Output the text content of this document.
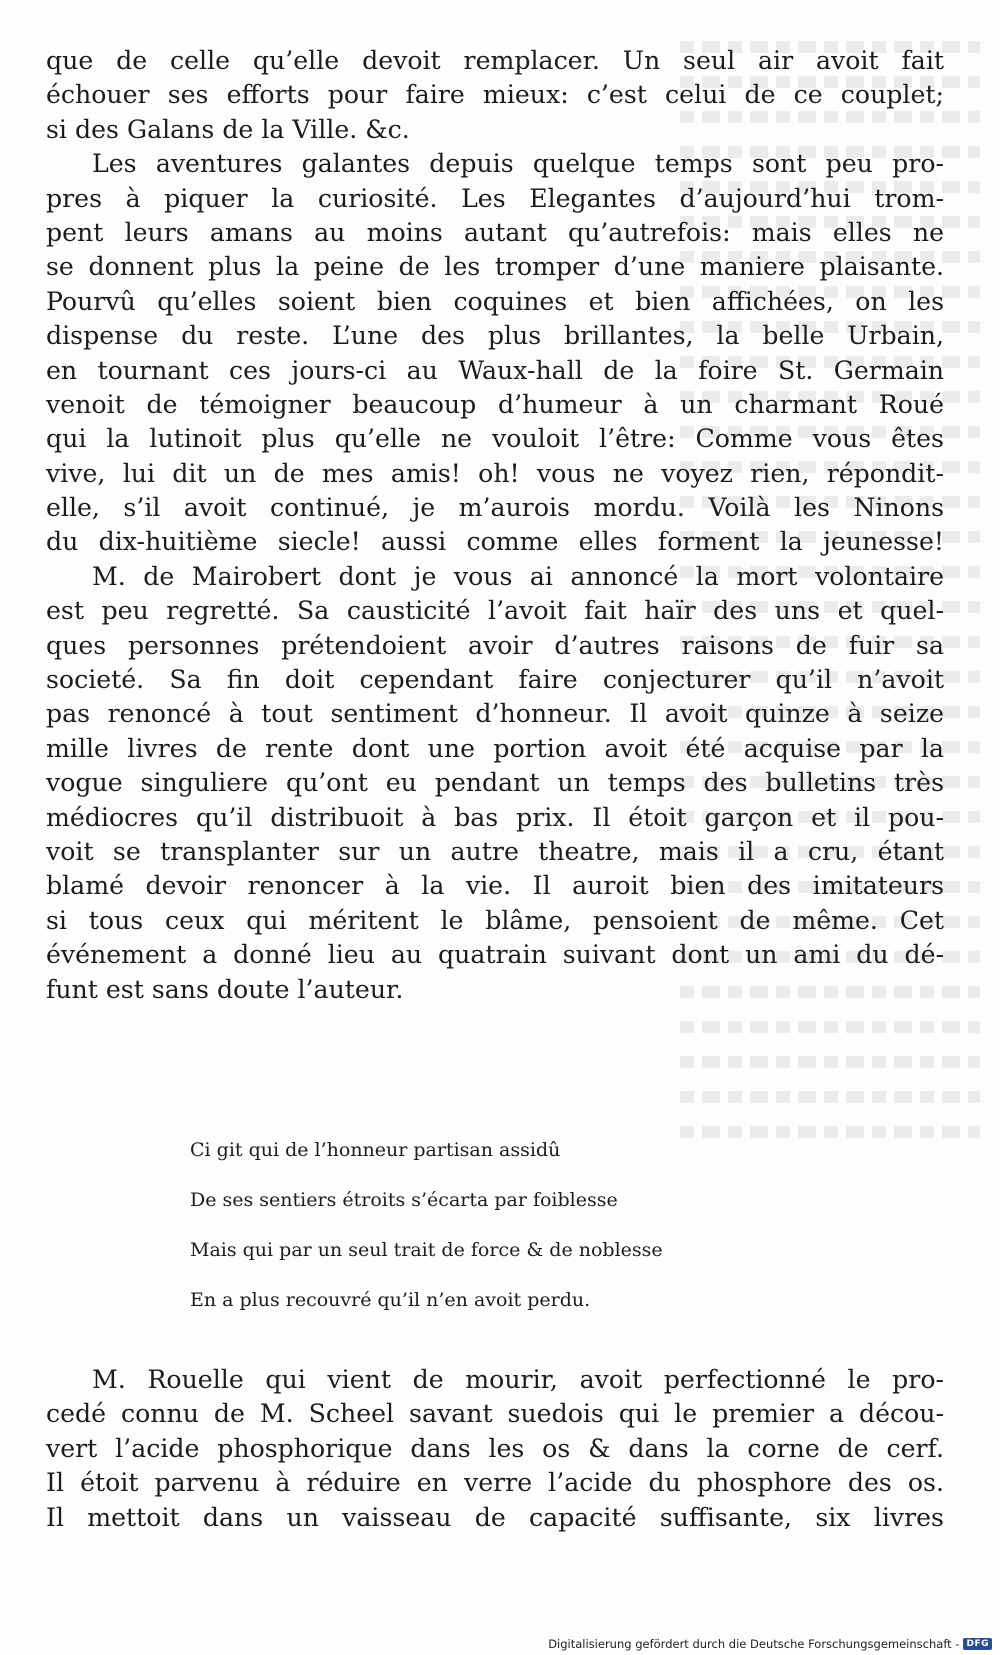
que de celle qu’elle devoit remplacer. Un seul air avoit fait
échouer ses efforts pour faire mieux: c’est celui de ce couplet;
si des Galans de la Ville. &c.
Les aventures galantes depuis quelque temps sont peu pro-
pres à piquer la curiosité. Les Elegantes d’aujourd’hui trom-
pent leurs amans au moins autant qu’autrefois: mais elles ne
se donnent plus la peine de les tromper d’une maniere plaisante.
Pourvû qu’elles soient bien coquines et bien affichées, on les
dispense du reste. L’une des plus brillantes, la belle Urbain,
en tournant ces jours-ci au Waux-hall de la foire St. Germain
venoit de témoigner beaucoup d’humeur à un charmant Roué
qui la lutinoit plus qu’elle ne vouloit l’être: Comme vous êtes
vive, lui dit un de mes amis! oh! vous ne voyez rien, répondit-
elle, s’il avoit continué, je m’aurois mordu. Voilà les Ninons
du dix-huitième siecle! aussi comme elles forment la jeunesse!
M. de Mairobert dont je vous ai annoncé la mort volontaire
est peu regretté. Sa causticité l’avoit fait haïr des uns et quel-
ques personnes prétendoient avoir d’autres raisons de fuir sa
societé. Sa fin doit cependant faire conjecturer qu’il n’avoit
pas renoncé à tout sentiment d’honneur. Il avoit quinze à seize
mille livres de rente dont une portion avoit été acquise par la
vogue singuliere qu’ont eu pendant un temps des bulletins très
médiocres qu’il distribuoit à bas prix. Il étoit garçon et il pou-
voit se transplanter sur un autre theatre, mais il a cru, étant
blamé devoir renoncer à la vie. Il auroit bien des imitateurs
si tous ceux qui méritent le blâme, pensoient de même. Cet
événement a donné lieu au quatrain suivant dont un ami du dé-
funt est sans doute l’auteur.
Ci git qui de l’honneur partisan assidû
De ses sentiers étroits s’écarta par foiblesse
Mais qui par un seul trait de force & de noblesse
En a plus recouvré qu’il n’en avoit perdu.
M. Rouelle qui vient de mourir, avoit perfectionné le pro-
cedé connu de M. Scheel savant suedois qui le premier a décou-
vert l’acide phosphorique dans les os & dans la corne de cerf.
Il étoit parvenu à réduire en verre l’acide du phosphore des os.
Il mettoit dans un vaisseau de capacité suffisante, six livres
Digitalisierung gefördert durch die Deutsche Forschungsgemeinschaft - DFG
